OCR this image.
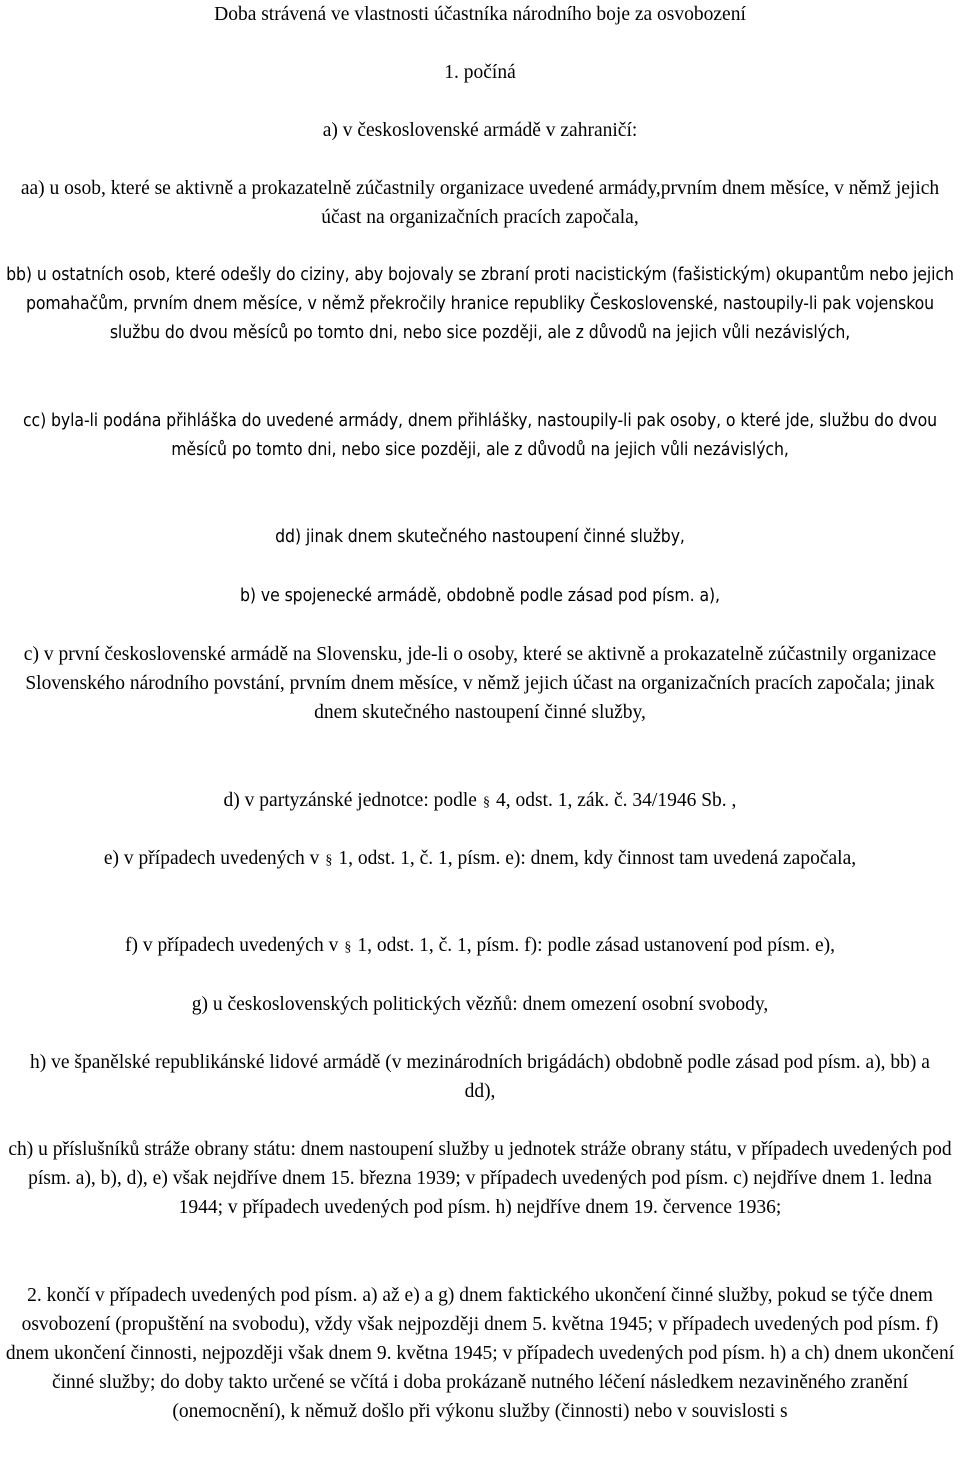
Doba strávená ve vlastnosti účastníka národního boje za osvobození

1. počíná

a) v československé armádě v zahraničí:

aa) u osob, které se aktivně a prokazatelně zúčastnily organizace uvedené armády,prvním dnem měsíce, v němž jejich účast na organizačních pracích započala,

bb) u ostatních osob, které odešly do ciziny, aby bojovaly se zbraní proti nacistickým (fašistickým) okupantům nebo jejich pomahačům, prvním dnem měsíce, v němž překročily hranice republiky Československé, nastoupily-li pak vojenskou službu do dvou měsíců po tomto dni, nebo sice později, ale z důvodů na jejich vůli nezávislých,

cc) byla-li podána přihláška do uvedené armády, dnem přihlášky, nastoupily-li pak osoby, o které jde, službu do dvou měsíců po tomto dni, nebo sice později, ale z důvodů na jejich vůli nezávislých,

dd) jinak dnem skutečného nastoupení činné služby,

b) ve spojenecké armádě, obdobně podle zásad pod písm. a),

c) v první československé armádě na Slovensku, jde-li o osoby, které se aktivně a prokazatelně zúčastnily organizace Slovenského národního povstání, prvním dnem měsíce, v němž jejich účast na organizačních pracích započala; jinak dnem skutečného nastoupení činné služby,

d) v partyzánské jednotce: podle § 4, odst. 1, zák. č. 34/1946 Sb. ,

e) v případech uvedených v § 1, odst. 1, č. 1, písm. e): dnem, kdy činnost tam uvedená započala,

f) v případech uvedených v § 1, odst. 1, č. 1, písm. f): podle zásad ustanovení pod písm. e),

g) u československých politických vězňů: dnem omezení osobní svobody,

h) ve španělské republikánské lidové armádě (v mezinárodních brigádách) obdobně podle zásad pod písm. a), bb) a dd),

ch) u příslušníků stráže obrany státu: dnem nastoupení služby u jednotek stráže obrany státu, v případech uvedených pod písm. a), b), d), e) však nejdříve dnem 15. března 1939; v případech uvedených pod písm. c) nejdříve dnem 1. ledna 1944; v případech uvedených pod písm. h) nejdříve dnem 19. července 1936;

2. končí v případech uvedených pod písm. a) až e) a g) dnem faktického ukončení činné služby, pokud se týče dnem osvobození (propuštění na svobodu), vždy však nejpozději dnem 5. května 1945; v případech uvedených pod písm. f) dnem ukončení činnosti, nejpozději však dnem 9. května 1945; v případech uvedených pod písm. h) a ch) dnem ukončení činné služby; do doby takto určené se včítá i doba prokázaně nutného léčení následkem nezaviněného zranění (onemocnění), k němuž došlo při výkonu služby (činnosti) nebo v souvislosti s
